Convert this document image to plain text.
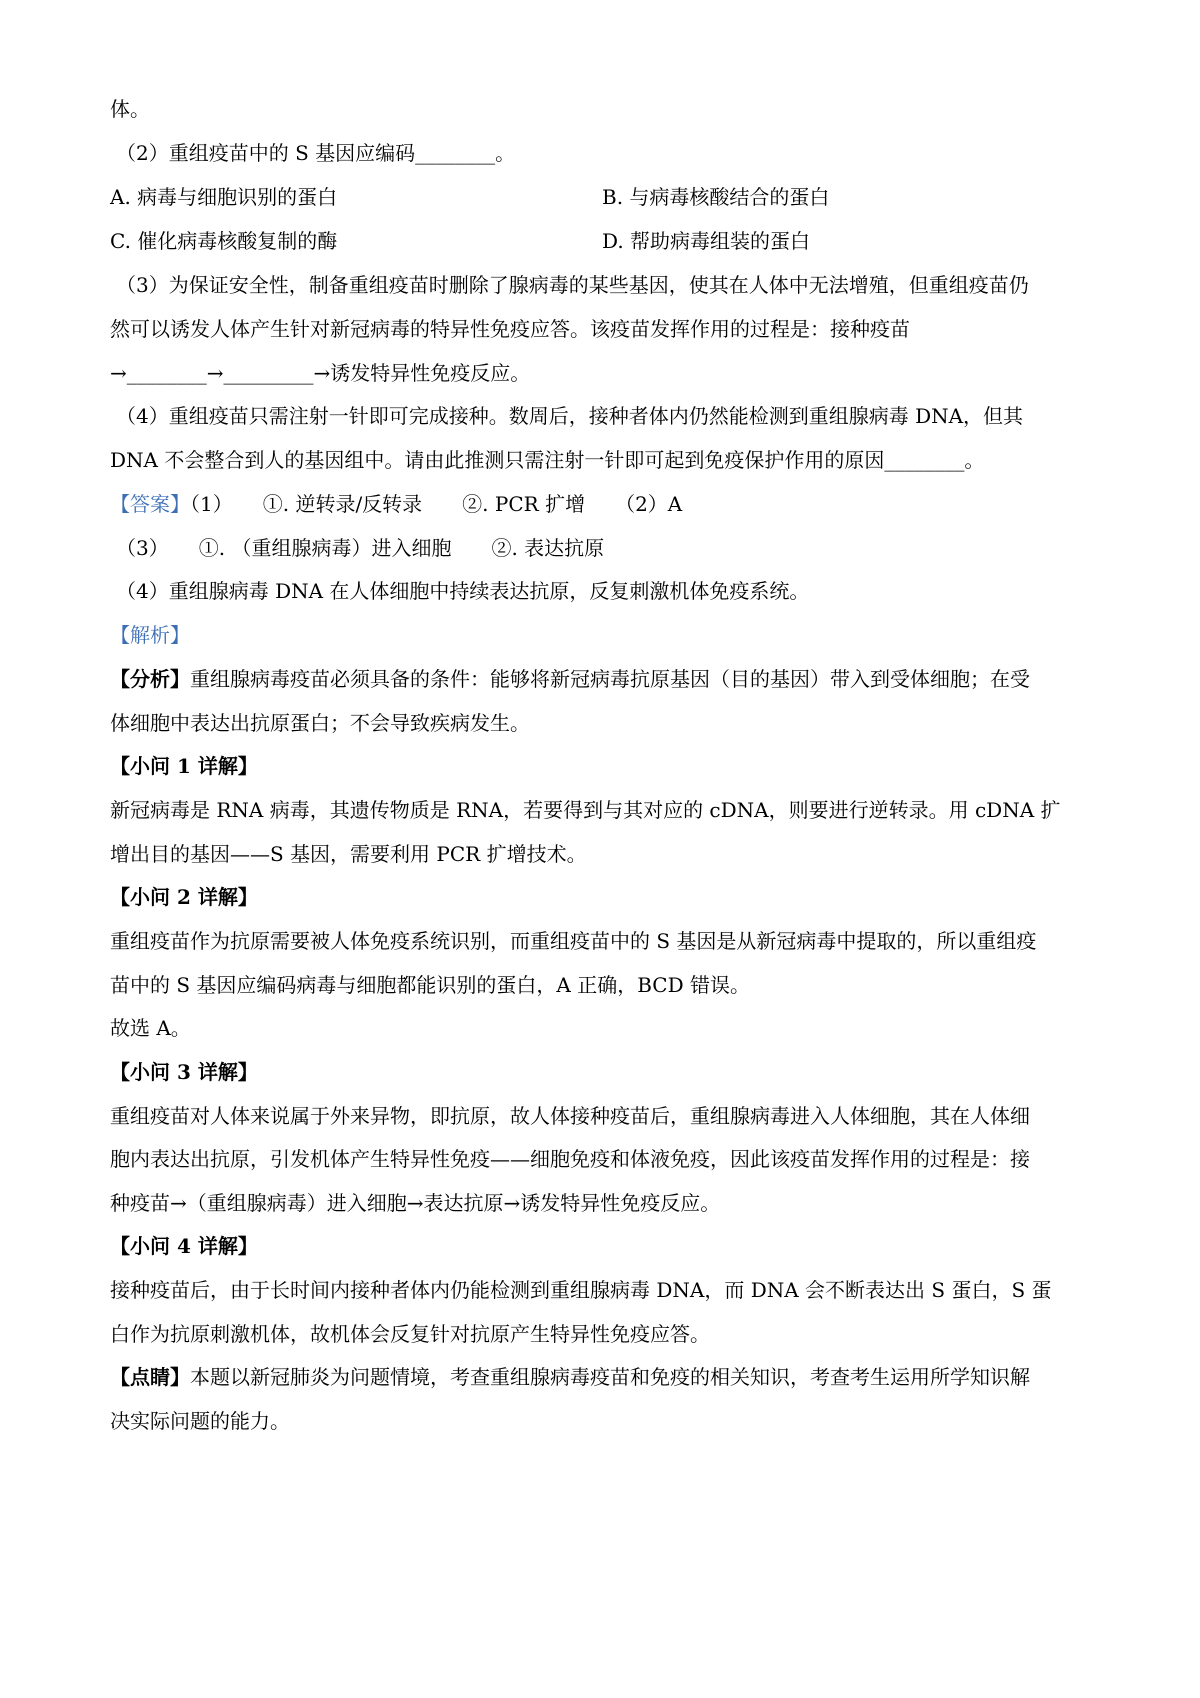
体。
（2）重组疫苗中的 S 基因应编码________。
A. 病毒与细胞识别的蛋白	B. 与病毒核酸结合的蛋白
C. 催化病毒核酸复制的酶	D. 帮助病毒组装的蛋白
（3）为保证安全性，制备重组疫苗时删除了腺病毒的某些基因，使其在人体中无法增殖，但重组疫苗仍
然可以诱发人体产生针对新冠病毒的特异性免疫应答。该疫苗发挥作用的过程是：接种疫苗
→________→_________→诱发特异性免疫反应。
（4）重组疫苗只需注射一针即可完成接种。数周后，接种者体内仍然能检测到重组腺病毒 DNA，但其
DNA 不会整合到人的基因组中。请由此推测只需注射一针即可起到免疫保护作用的原因________。
【答案】（1）　　①. 逆转录/反转录　　②. PCR 扩增　　（2）A
（3）　　①. （重组腺病毒）进入细胞　　②. 表达抗原
（4）重组腺病毒 DNA 在人体细胞中持续表达抗原，反复刺激机体免疫系统。
【解析】
【分析】重组腺病毒疫苗必须具备的条件：能够将新冠病毒抗原基因（目的基因）带入到受体细胞；在受
体细胞中表达出抗原蛋白；不会导致疾病发生。
【小问 1 详解】
新冠病毒是 RNA 病毒，其遗传物质是 RNA，若要得到与其对应的 cDNA，则要进行逆转录。用 cDNA 扩
增出目的基因——S 基因，需要利用 PCR 扩增技术。
【小问 2 详解】
重组疫苗作为抗原需要被人体免疫系统识别，而重组疫苗中的 S 基因是从新冠病毒中提取的，所以重组疫
苗中的 S 基因应编码病毒与细胞都能识别的蛋白，A 正确，BCD 错误。
故选 A。
【小问 3 详解】
重组疫苗对人体来说属于外来异物，即抗原，故人体接种疫苗后，重组腺病毒进入人体细胞，其在人体细
胞内表达出抗原，引发机体产生特异性免疫——细胞免疫和体液免疫，因此该疫苗发挥作用的过程是：接
种疫苗→（重组腺病毒）进入细胞→表达抗原→诱发特异性免疫反应。
【小问 4 详解】
接种疫苗后，由于长时间内接种者体内仍能检测到重组腺病毒 DNA，而 DNA 会不断表达出 S 蛋白，S 蛋
白作为抗原刺激机体，故机体会反复针对抗原产生特异性免疫应答。
【点睛】本题以新冠肺炎为问题情境，考查重组腺病毒疫苗和免疫的相关知识，考查考生运用所学知识解
决实际问题的能力。
